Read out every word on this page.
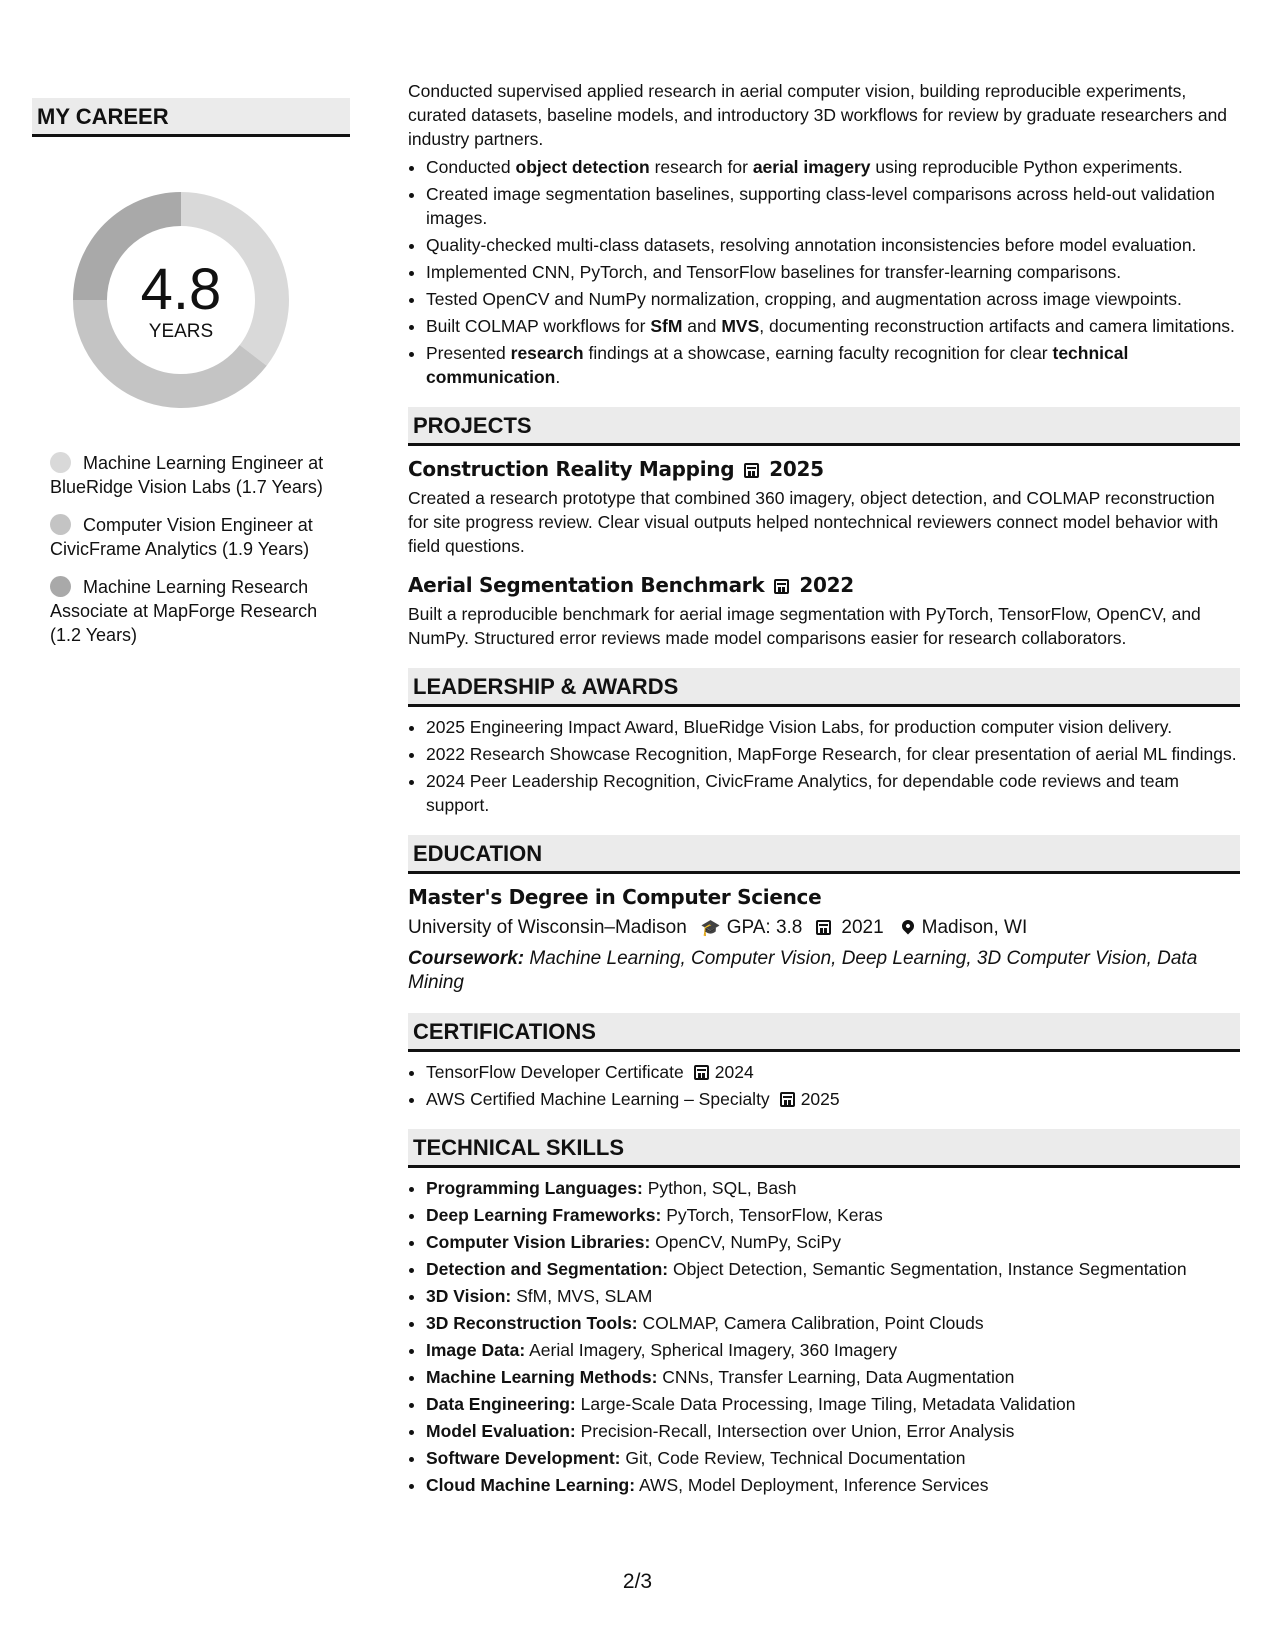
MY CAREER
4.8
YEARS
Machine Learning Engineer at BlueRidge Vision Labs (1.7 Years)
Computer Vision Engineer at CivicFrame Analytics (1.9 Years)
Machine Learning Research Associate at MapForge Research (1.2 Years)

Conducted supervised applied research in aerial computer vision, building reproducible experiments, curated datasets, baseline models, and introductory 3D workflows for review by graduate researchers and industry partners.

• Conducted object detection research for aerial imagery using reproducible Python experiments.
• Created image segmentation baselines, supporting class-level comparisons across held-out validation images.
• Quality-checked multi-class datasets, resolving annotation inconsistencies before model evaluation.
• Implemented CNN, PyTorch, and TensorFlow baselines for transfer-learning comparisons.
• Tested OpenCV and NumPy normalization, cropping, and augmentation across image viewpoints.
• Built COLMAP workflows for SfM and MVS, documenting reconstruction artifacts and camera limitations.
• Presented research findings at a showcase, earning faculty recognition for clear technical communication.
PROJECTS
Construction Reality Mapping 2025

Created a research prototype that combined 360 imagery, object detection, and COLMAP reconstruction for site progress review. Clear visual outputs helped nontechnical reviewers connect model behavior with field questions.

Aerial Segmentation Benchmark 2022

Built a reproducible benchmark for aerial image segmentation with PyTorch, TensorFlow, OpenCV, and NumPy. Structured error reviews made model comparisons easier for research collaborators.

LEADERSHIP & AWARDS
• 2025 Engineering Impact Award, BlueRidge Vision Labs, for production computer vision delivery.
• 2022 Research Showcase Recognition, MapForge Research, for clear presentation of aerial ML findings.
• 2024 Peer Leadership Recognition, CivicFrame Analytics, for dependable code reviews and team support.
EDUCATION
Master's Degree in Computer Science
University of Wisconsin–Madison 🎓 GPA: 3.8 2021 Madison, WI
Coursework: Machine Learning, Computer Vision, Deep Learning, 3D Computer Vision, Data Mining
CERTIFICATIONS
• TensorFlow Developer Certificate 2024
• AWS Certified Machine Learning – Specialty 2025
TECHNICAL SKILLS
• Programming Languages: Python, SQL, Bash
• Deep Learning Frameworks: PyTorch, TensorFlow, Keras
• Computer Vision Libraries: OpenCV, NumPy, SciPy
• Detection and Segmentation: Object Detection, Semantic Segmentation, Instance Segmentation
• 3D Vision: SfM, MVS, SLAM
• 3D Reconstruction Tools: COLMAP, Camera Calibration, Point Clouds
• Image Data: Aerial Imagery, Spherical Imagery, 360 Imagery
• Machine Learning Methods: CNNs, Transfer Learning, Data Augmentation
• Data Engineering: Large-Scale Data Processing, Image Tiling, Metadata Validation
• Model Evaluation: Precision-Recall, Intersection over Union, Error Analysis
• Software Development: Git, Code Review, Technical Documentation
• Cloud Machine Learning: AWS, Model Deployment, Inference Services
2/3
